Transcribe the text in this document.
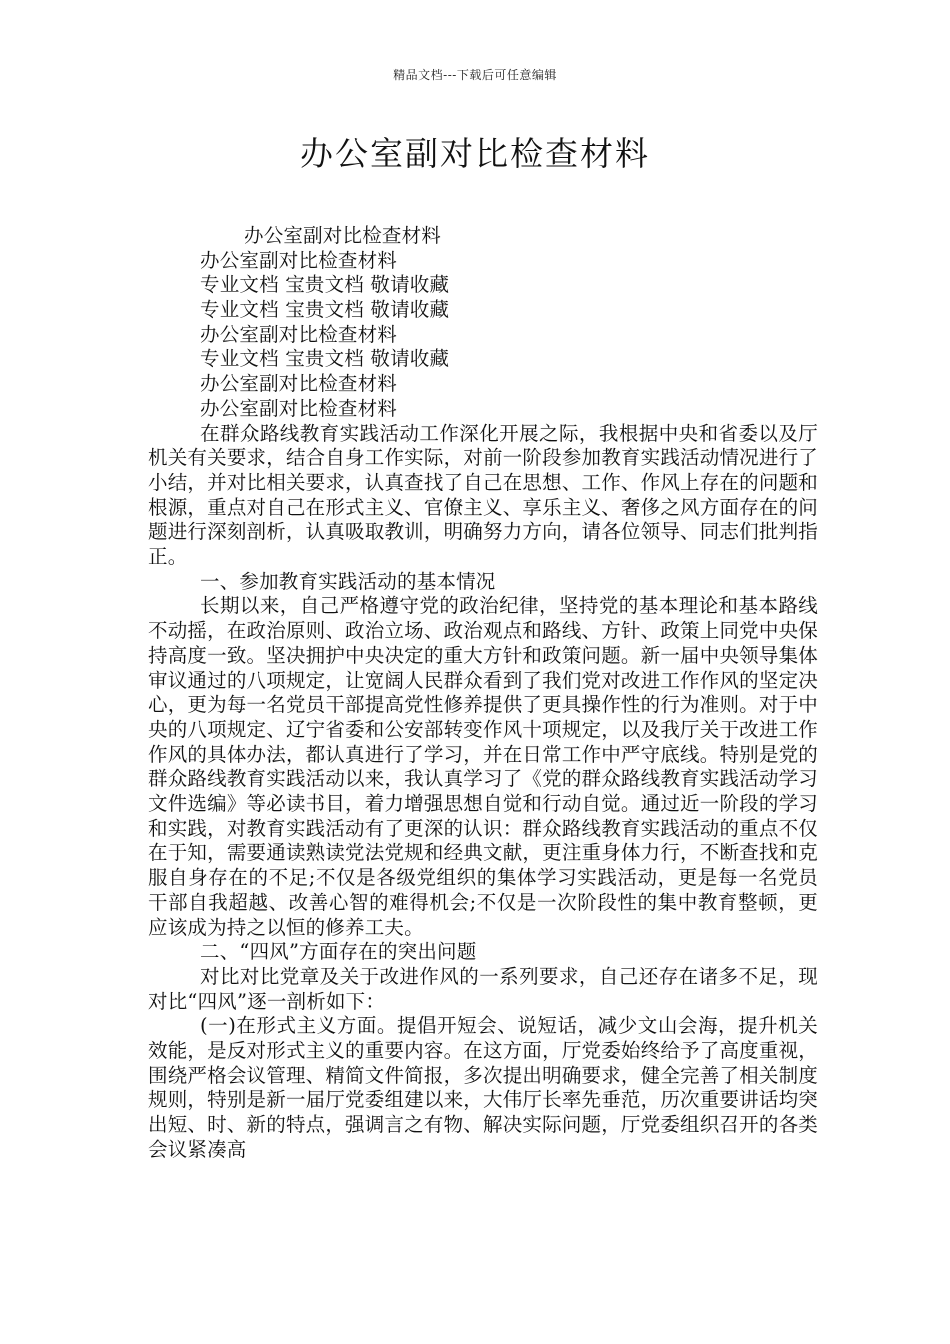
精品文档---下载后可任意编辑
办公室副对比检查材料
办公室副对比检查材料
办公室副对比检查材料
专业文档 宝贵文档 敬请收藏
专业文档 宝贵文档 敬请收藏
办公室副对比检查材料
专业文档 宝贵文档 敬请收藏
办公室副对比检查材料
办公室副对比检查材料

在群众路线教育实践活动工作深化开展之际，我根据中央和省委以及厅机关有关要求，结合自身工作实际，对前一阶段参加教育实践活动情况进行了小结，并对比相关要求，认真查找了自己在思想、工作、作风上存在的问题和根源，重点对自己在形式主义、官僚主义、享乐主义、奢侈之风方面存在的问题进行深刻剖析，认真吸取教训，明确努力方向，请各位领导、同志们批判指正。

一、参加教育实践活动的基本情况

长期以来，自己严格遵守党的政治纪律，坚持党的基本理论和基本路线不动摇，在政治原则、政治立场、政治观点和路线、方针、政策上同党中央保持高度一致。坚决拥护中央决定的重大方针和政策问题。新一届中央领导集体审议通过的八项规定，让宽阔人民群众看到了我们党对改进工作作风的坚定决心，更为每一名党员干部提高党性修养提供了更具操作性的行为准则。对于中央的八项规定、辽宁省委和公安部转变作风十项规定，以及我厅关于改进工作作风的具体办法，都认真进行了学习，并在日常工作中严守底线。特别是党的群众路线教育实践活动以来，我认真学习了《党的群众路线教育实践活动学习文件选编》等必读书目，着力增强思想自觉和行动自觉。通过近一阶段的学习和实践，对教育实践活动有了更深的认识：群众路线教育实践活动的重点不仅在于知，需要通读熟读党法党规和经典文献，更注重身体力行，不断查找和克服自身存在的不足;不仅是各级党组织的集体学习实践活动，更是每一名党员干部自我超越、改善心智的难得机会;不仅是一次阶段性的集中教育整顿，更应该成为持之以恒的修养工夫。

二、“四风”方面存在的突出问题

对比对比党章及关于改进作风的一系列要求，自己还存在诸多不足，现对比“四风”逐一剖析如下：

(一)在形式主义方面。提倡开短会、说短话，减少文山会海，提升机关效能，是反对形式主义的重要内容。在这方面，厅党委始终给予了高度重视，围绕严格会议管理、精简文件简报，多次提出明确要求，健全完善了相关制度规则，特别是新一届厅党委组建以来，大伟厅长率先垂范，历次重要讲话均突出短、时、新的特点，强调言之有物、解决实际问题，厅党委组织召开的各类会议紧凑高
